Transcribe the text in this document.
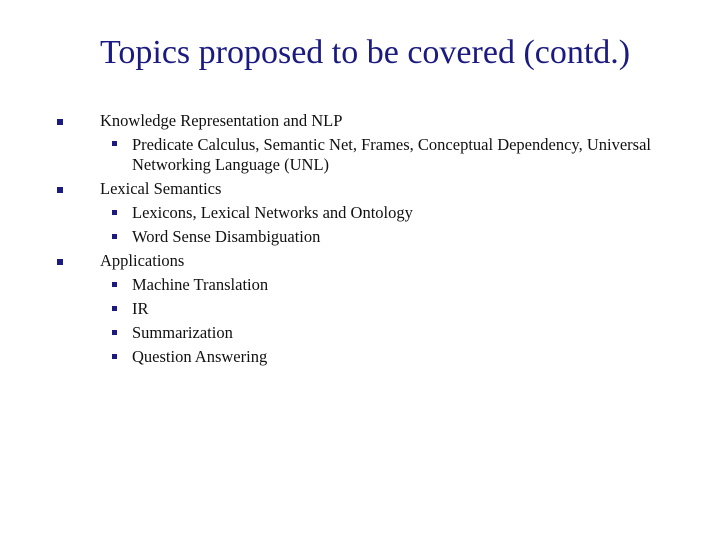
Topics proposed to be covered (contd.)
Knowledge Representation and NLP
Predicate Calculus, Semantic Net, Frames, Conceptual Dependency, Universal Networking Language (UNL)
Lexical Semantics
Lexicons, Lexical Networks and Ontology
Word Sense Disambiguation
Applications
Machine Translation
IR
Summarization
Question Answering
